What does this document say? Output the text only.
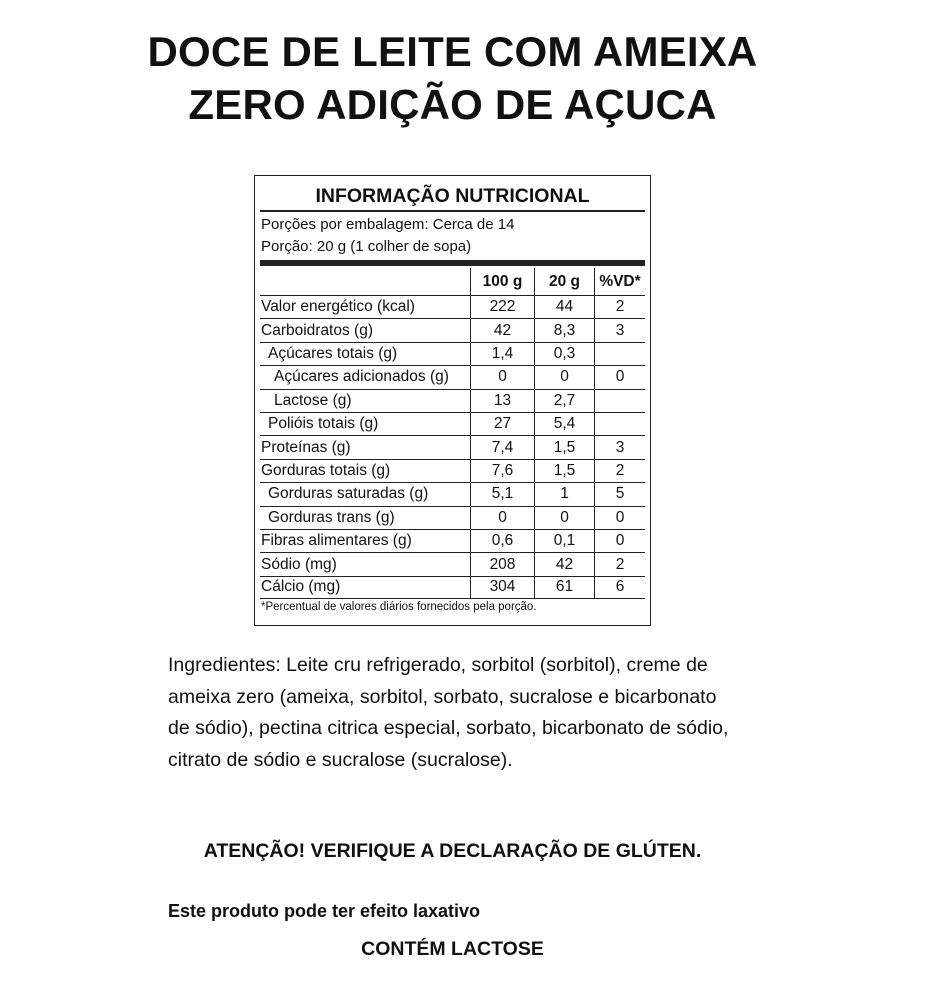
DOCE DE LEITE COM AMEIXA
ZERO ADIÇÃO DE AÇUCA
INFORMAÇÃO NUTRICIONAL
Porções por embalagem: Cerca de 14
Porção: 20 g (1 colher de sopa)
100 g	20 g	%VD*
Valor energético (kcal)	222	44	2
Carboidratos (g)	42	8,3	3
Açúcares totais (g)	1,4	0,3
Açúcares adicionados (g)	0	0	0
Lactose (g)	13	2,7
Polióis totais (g)	27	5,4
Proteínas (g)	7,4	1,5	3
Gorduras totais (g)	7,6	1,5	2
Gorduras saturadas (g)	5,1	1	5
Gorduras trans (g)	0	0	0
Fibras alimentares (g)	0,6	0,1	0
Sódio (mg)	208	42	2
Cálcio (mg)	304	61	6
*Percentual de valores diários fornecidos pela porção.
Ingredientes: Leite cru refrigerado, sorbitol (sorbitol), creme de ameixa zero (ameixa, sorbitol, sorbato, sucralose e bicarbonato de sódio), pectina citrica especial, sorbato, bicarbonato de sódio, citrato de sódio e sucralose (sucralose).
ATENÇÃO! VERIFIQUE A DECLARAÇÃO DE GLÚTEN.
Este produto pode ter efeito laxativo
CONTÉM LACTOSE
